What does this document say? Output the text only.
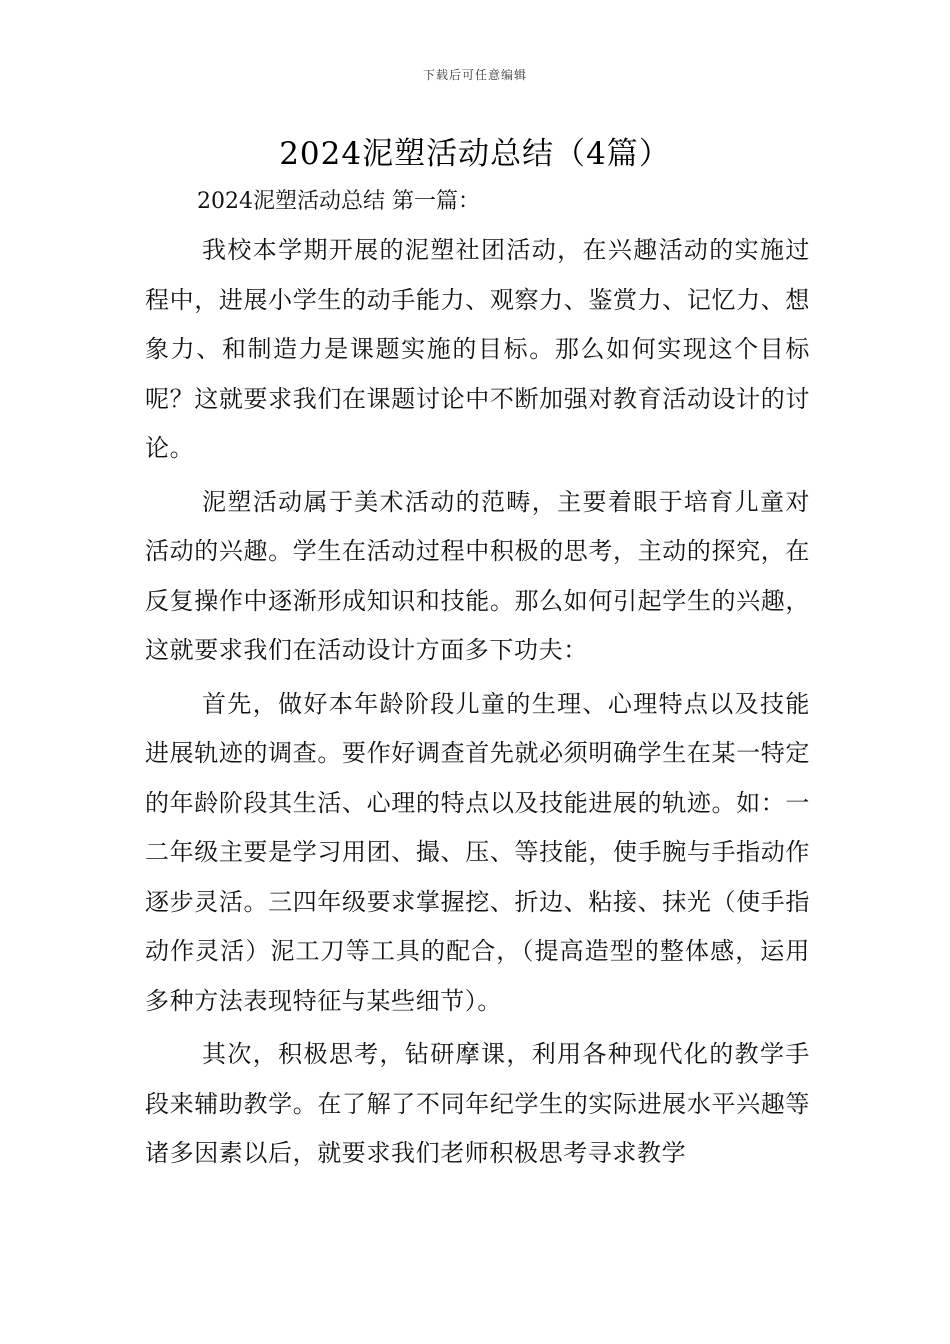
下载后可任意编辑
2024泥塑活动总结（4篇）
2024泥塑活动总结 第一篇：

我校本学期开展的泥塑社团活动，在兴趣活动的实施过程中，进展小学生的动手能力、观察力、鉴赏力、记忆力、想象力、和制造力是课题实施的目标。那么如何实现这个目标呢？这就要求我们在课题讨论中不断加强对教育活动设计的讨论。

泥塑活动属于美术活动的范畴，主要着眼于培育儿童对活动的兴趣。学生在活动过程中积极的思考，主动的探究，在反复操作中逐渐形成知识和技能。那么如何引起学生的兴趣，这就要求我们在活动设计方面多下功夫：

首先，做好本年龄阶段儿童的生理、心理特点以及技能进展轨迹的调查。要作好调查首先就必须明确学生在某一特定的年龄阶段其生活、心理的特点以及技能进展的轨迹。如：一二年级主要是学习用团、撮、压、等技能，使手腕与手指动作逐步灵活。三四年级要求掌握挖、折边、粘接、抹光（使手指动作灵活）泥工刀等工具的配合，（提高造型的整体感，运用多种方法表现特征与某些细节）。

其次，积极思考，钻研摩课，利用各种现代化的教学手段来辅助教学。在了解了不同年纪学生的实际进展水平兴趣等诸多因素以后，就要求我们老师积极思考寻求教学
